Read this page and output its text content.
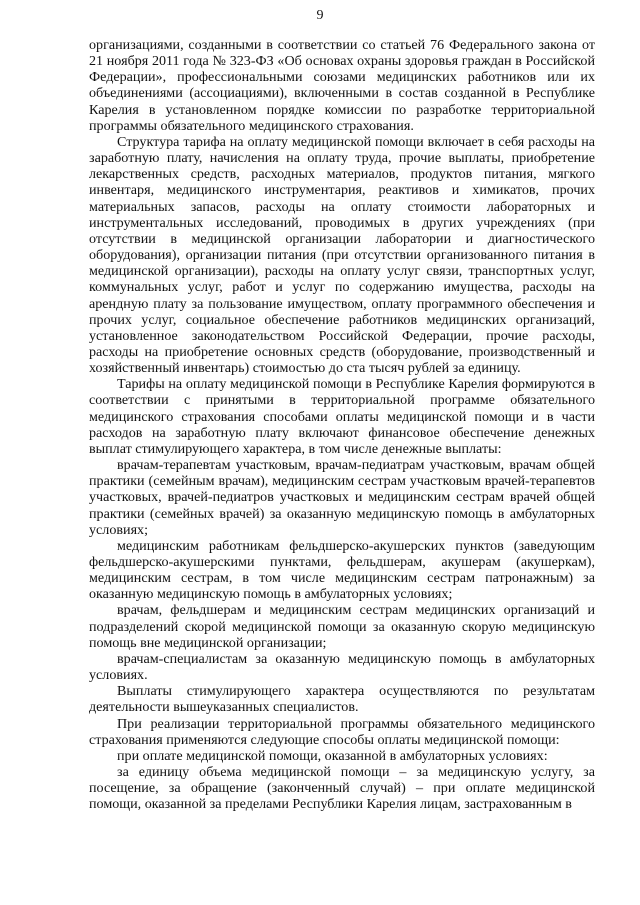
9

организациями, созданными в соответствии со статьей 76 Федерального закона от 21 ноября 2011 года № 323-ФЗ «Об основах охраны здоровья граждан в Российской Федерации», профессиональными союзами медицинских работников или их объединениями (ассоциациями), включенными в состав созданной в Республике Карелия в установленном порядке комиссии по разработке территориальной программы обязательного медицинского страхования.

Структура тарифа на оплату медицинской помощи включает в себя расходы на заработную плату, начисления на оплату труда, прочие выплаты, приобретение лекарственных средств, расходных материалов, продуктов питания, мягкого инвентаря, медицинского инструментария, реактивов и химикатов, прочих материальных запасов, расходы на оплату стоимости лабораторных и инструментальных исследований, проводимых в других учреждениях (при отсутствии в медицинской организации лаборатории и диагностического оборудования), организации питания (при отсутствии организованного питания в медицинской организации), расходы на оплату услуг связи, транспортных услуг, коммунальных услуг, работ и услуг по содержанию имущества, расходы на арендную плату за пользование имуществом, оплату программного обеспечения и прочих услуг, социальное обеспечение работников медицинских организаций, установленное законодательством Российской Федерации, прочие расходы, расходы на приобретение основных средств (оборудование, производственный и хозяйственный инвентарь) стоимостью до ста тысяч рублей за единицу.

Тарифы на оплату медицинской помощи в Республике Карелия формируются в соответствии с принятыми в территориальной программе обязательного медицинского страхования способами оплаты медицинской помощи и в части расходов на заработную плату включают финансовое обеспечение денежных выплат стимулирующего характера, в том числе денежные выплаты:

врачам-терапевтам участковым, врачам-педиатрам участковым, врачам общей практики (семейным врачам), медицинским сестрам участковым врачей-терапевтов участковых, врачей-педиатров участковых и медицинским сестрам врачей общей практики (семейных врачей) за оказанную медицинскую помощь в амбулаторных условиях;

медицинским работникам фельдшерско-акушерских пунктов (заведующим фельдшерско-акушерскими пунктами, фельдшерам, акушерам (акушеркам), медицинским сестрам, в том числе медицинским сестрам патронажным) за оказанную медицинскую помощь в амбулаторных условиях;

врачам, фельдшерам и медицинским сестрам медицинских организаций и подразделений скорой медицинской помощи за оказанную скорую медицинскую помощь вне медицинской организации;

врачам-специалистам за оказанную медицинскую помощь в амбулаторных условиях.

Выплаты стимулирующего характера осуществляются по результатам деятельности вышеуказанных специалистов.

При реализации территориальной программы обязательного медицинского страхования применяются следующие способы оплаты медицинской помощи:

при оплате медицинской помощи, оказанной в амбулаторных условиях:

за единицу объема медицинской помощи – за медицинскую услугу, за посещение, за обращение (законченный случай) – при оплате медицинской помощи, оказанной за пределами Республики Карелия лицам, застрахованным в
